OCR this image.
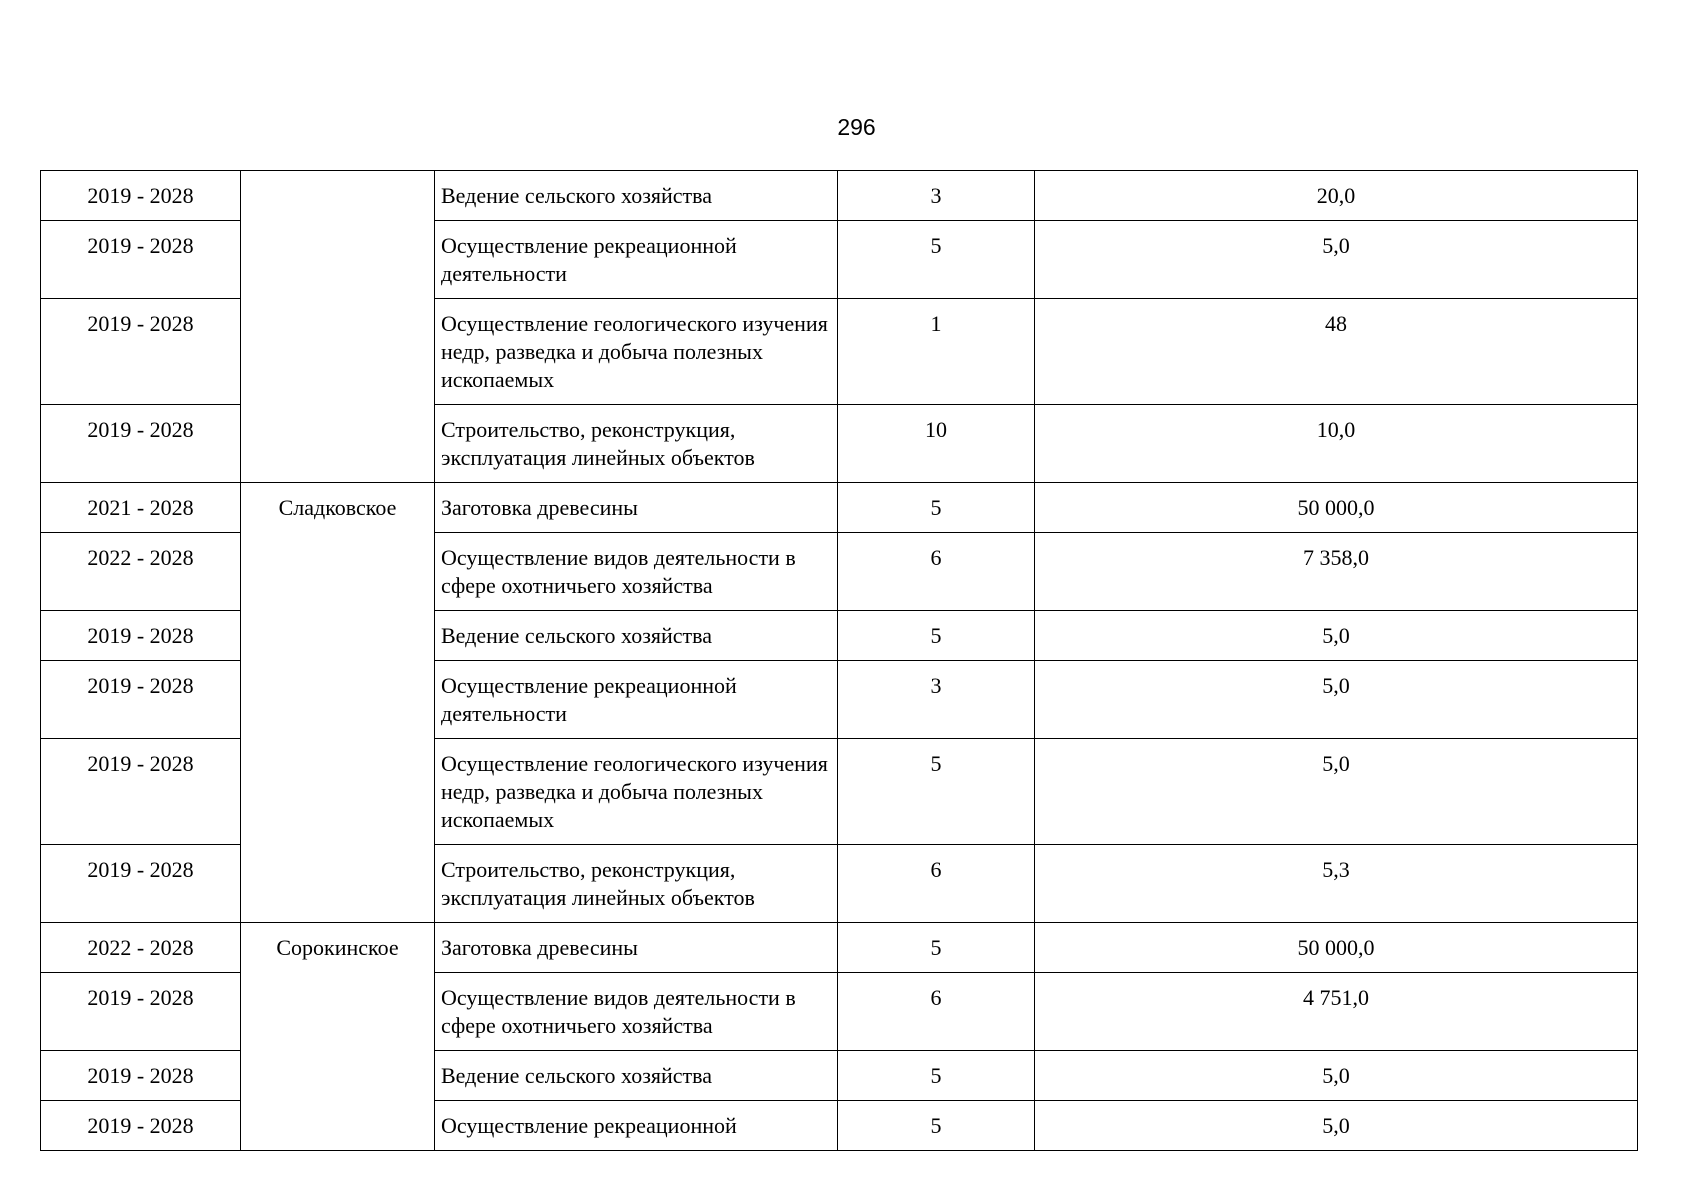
296
2019 - 2028		Ведение сельского хозяйства	3	20,0
2019 - 2028		Осуществление рекреационной деятельности	5	5,0
2019 - 2028		Осуществление геологического изучения недр, разведка и добыча полезных ископаемых	1	48
2019 - 2028		Строительство, реконструкция, эксплуатация линейных объектов	10	10,0
2021 - 2028	Сладковское	Заготовка древесины	5	50 000,0
2022 - 2028		Осуществление видов деятельности в сфере охотничьего хозяйства	6	7 358,0
2019 - 2028		Ведение сельского хозяйства	5	5,0
2019 - 2028		Осуществление рекреационной деятельности	3	5,0
2019 - 2028		Осуществление геологического изучения недр, разведка и добыча полезных ископаемых	5	5,0
2019 - 2028		Строительство, реконструкция, эксплуатация линейных объектов	6	5,3
2022 - 2028	Сорокинское	Заготовка древесины	5	50 000,0
2019 - 2028		Осуществление видов деятельности в сфере охотничьего хозяйства	6	4 751,0
2019 - 2028		Ведение сельского хозяйства	5	5,0
2019 - 2028		Осуществление рекреационной	5	5,0
